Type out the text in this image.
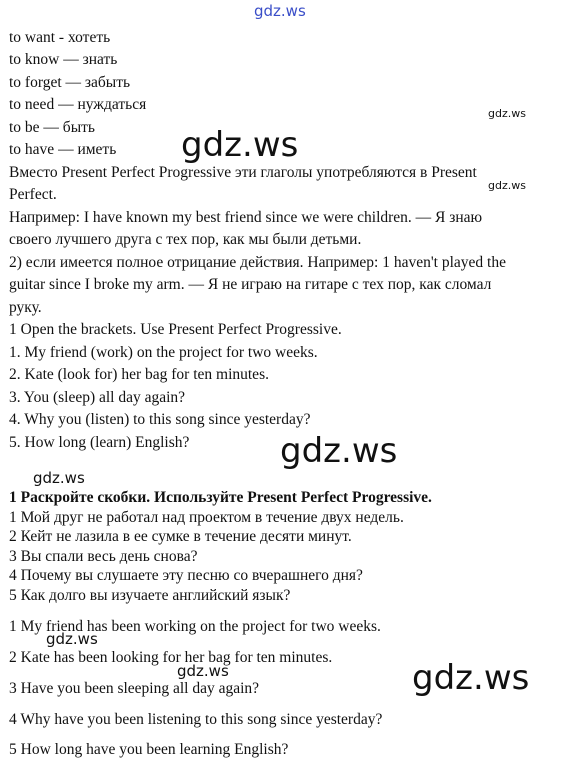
gdz.ws
gdz.ws
gdz.ws
gdz.ws
gdz.ws
gdz.ws
gdz.ws
gdz.ws	gdz.ws
to want - хотеть
to know — знать
to forget — забыть
to need — нуждаться
to be — быть
to have — иметь
Вместо Present Perfect Progressive эти глаголы употребляются в Present
Perfect.
Например: I have known my best friend since we were children. — Я знаю
своего лучшего друга с тех пор, как мы были детьми.
2) если имеется полное отрицание действия. Например: 1 haven't played the
guitar since I broke my arm. — Я не играю на гитаре с тех пор, как сломал
руку.
1 Open the brackets. Use Present Perfect Progressive.
1. My friend (work) on the project for two weeks.
2. Kate (look for) her bag for ten minutes.
3. You (sleep) all day again?
4. Why you (listen) to this song since yesterday?
5. How long (learn) English?
1 Раскройте скобки. Используйте Present Perfect Progressive.
1 Мой друг не работал над проектом в течение двух недель.
2 Кейт не лазила в ее сумке в течение десяти минут.
3 Вы спали весь день снова?
4 Почему вы слушаете эту песню со вчерашнего дня?
5 Как долго вы изучаете английский язык?
1 My friend has been working on the project for two weeks.
2 Kate has been looking for her bag for ten minutes.
3 Have you been sleeping all day again?
4 Why have you been listening to this song since yesterday?
5 How long have you been learning English?
